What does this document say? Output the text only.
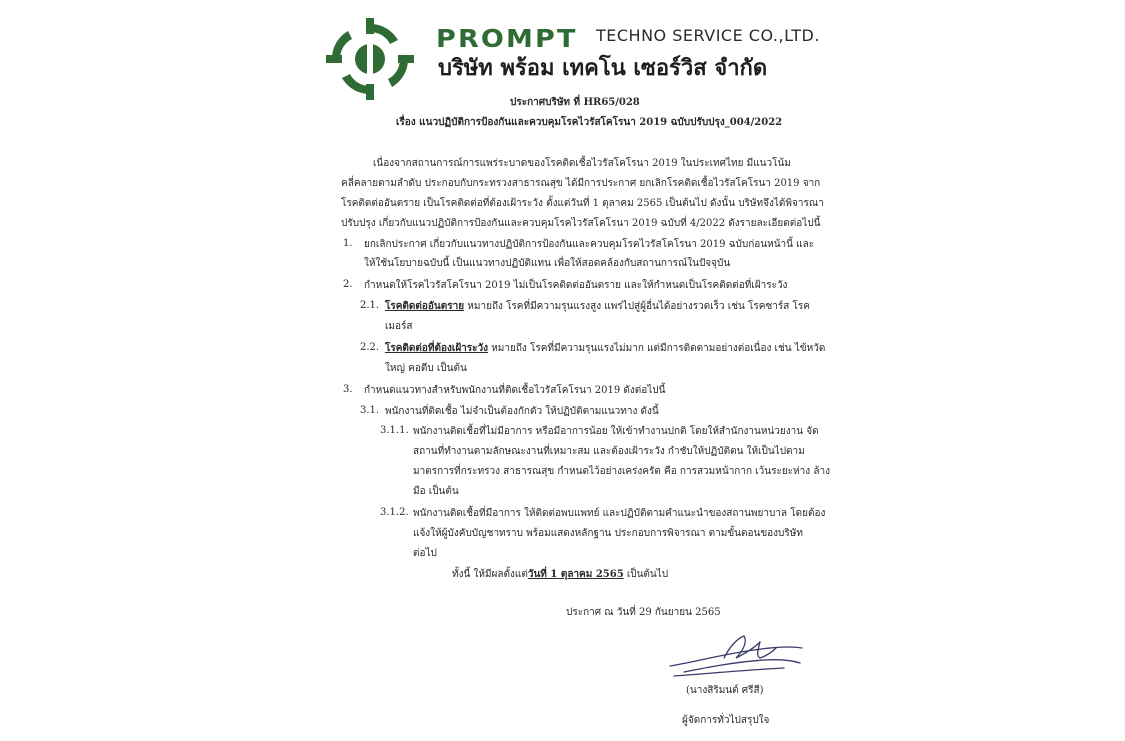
PROMPT TECHNO SERVICE CO.,LTD.
บริษัท พร้อม เทคโน เซอร์วิส จำกัด
ประกาศบริษัท ที่ HR65/028
เรื่อง แนวปฏิบัติการป้องกันและควบคุมโรคไวรัสโคโรนา 2019 ฉบับปรับปรุง_004/2022
เนื่องจากสถานการณ์การแพร่ระบาดของโรคติดเชื้อไวรัสโคโรนา 2019 ในประเทศไทย มีแนวโน้ม
คลี่คลายตามลำดับ ประกอบกับกระทรวงสาธารณสุข ได้มีการประกาศ ยกเลิกโรคติดเชื้อไวรัสโคโรนา 2019 จาก
โรคติดต่ออันตราย เป็นโรคติดต่อที่ต้องเฝ้าระวัง ตั้งแต่วันที่ 1 ตุลาคม 2565 เป็นต้นไป ดังนั้น บริษัทจึงได้พิจารณา
ปรับปรุง เกี่ยวกับแนวปฏิบัติการป้องกันและควบคุมโรคไวรัสโคโรนา 2019 ฉบับที่ 4/2022 ดังรายละเอียดต่อไปนี้
1. ยกเลิกประกาศ เกี่ยวกับแนวทางปฏิบัติการป้องกันและควบคุมโรคไวรัสโคโรนา 2019 ฉบับก่อนหน้านี้ และ
ให้ใช้นโยบายฉบับนี้ เป็นแนวทางปฏิบัติแทน เพื่อให้สอดคล้องกับสถานการณ์ในปัจจุบัน
2. กำหนดให้โรคไวรัสโคโรนา 2019 ไม่เป็นโรคติดต่ออันตราย และให้กำหนดเป็นโรคติดต่อที่เฝ้าระวัง
2.1. โรคติดต่ออันตราย หมายถึง โรคที่มีความรุนแรงสูง แพร่ไปสู่ผู้อื่นได้อย่างรวดเร็ว เช่น โรคซาร์ส โรค
เมอร์ส
2.2. โรคติดต่อที่ต้องเฝ้าระวัง หมายถึง โรคที่มีความรุนแรงไม่มาก แต่มีการติดตามอย่างต่อเนื่อง เช่น ไข้หวัด
ใหญ่ คอตีบ เป็นต้น
3. กำหนดแนวทางสำหรับพนักงานที่ติดเชื้อไวรัสโคโรนา 2019 ดังต่อไปนี้
3.1. พนักงานที่ติดเชื้อ ไม่จำเป็นต้องกักตัว ให้ปฏิบัติตามแนวทาง ดังนี้
3.1.1. พนักงานติดเชื้อที่ไม่มีอาการ หรือมีอาการน้อย ให้เข้าทำงานปกติ โดยให้สำนักงานหน่วยงาน จัด
สถานที่ทำงานตามลักษณะงานที่เหมาะสม และต้องเฝ้าระวัง กำชับให้ปฏิบัติตน ให้เป็นไปตาม
มาตรการที่กระทรวง สาธารณสุข กำหนดไว้อย่างเคร่งครัด คือ การสวมหน้ากาก เว้นระยะห่าง ล้าง
มือ เป็นต้น
3.1.2. พนักงานติดเชื้อที่มีอาการ ให้ติดต่อพบแพทย์ และปฏิบัติตามคำแนะนำของสถานพยาบาล โดยต้อง
แจ้งให้ผู้บังคับบัญชาทราบ พร้อมแสดงหลักฐาน ประกอบการพิจารณา ตามขั้นตอนของบริษัท
ต่อไป
ทั้งนี้ ให้มีผลตั้งแต่วันที่ 1 ตุลาคม 2565 เป็นต้นไป
ประกาศ ณ วันที่ 29 กันยายน 2565
(นางสิริมนต์ ศรีสี)
ผู้จัดการทั่วไปสรุปใจ
